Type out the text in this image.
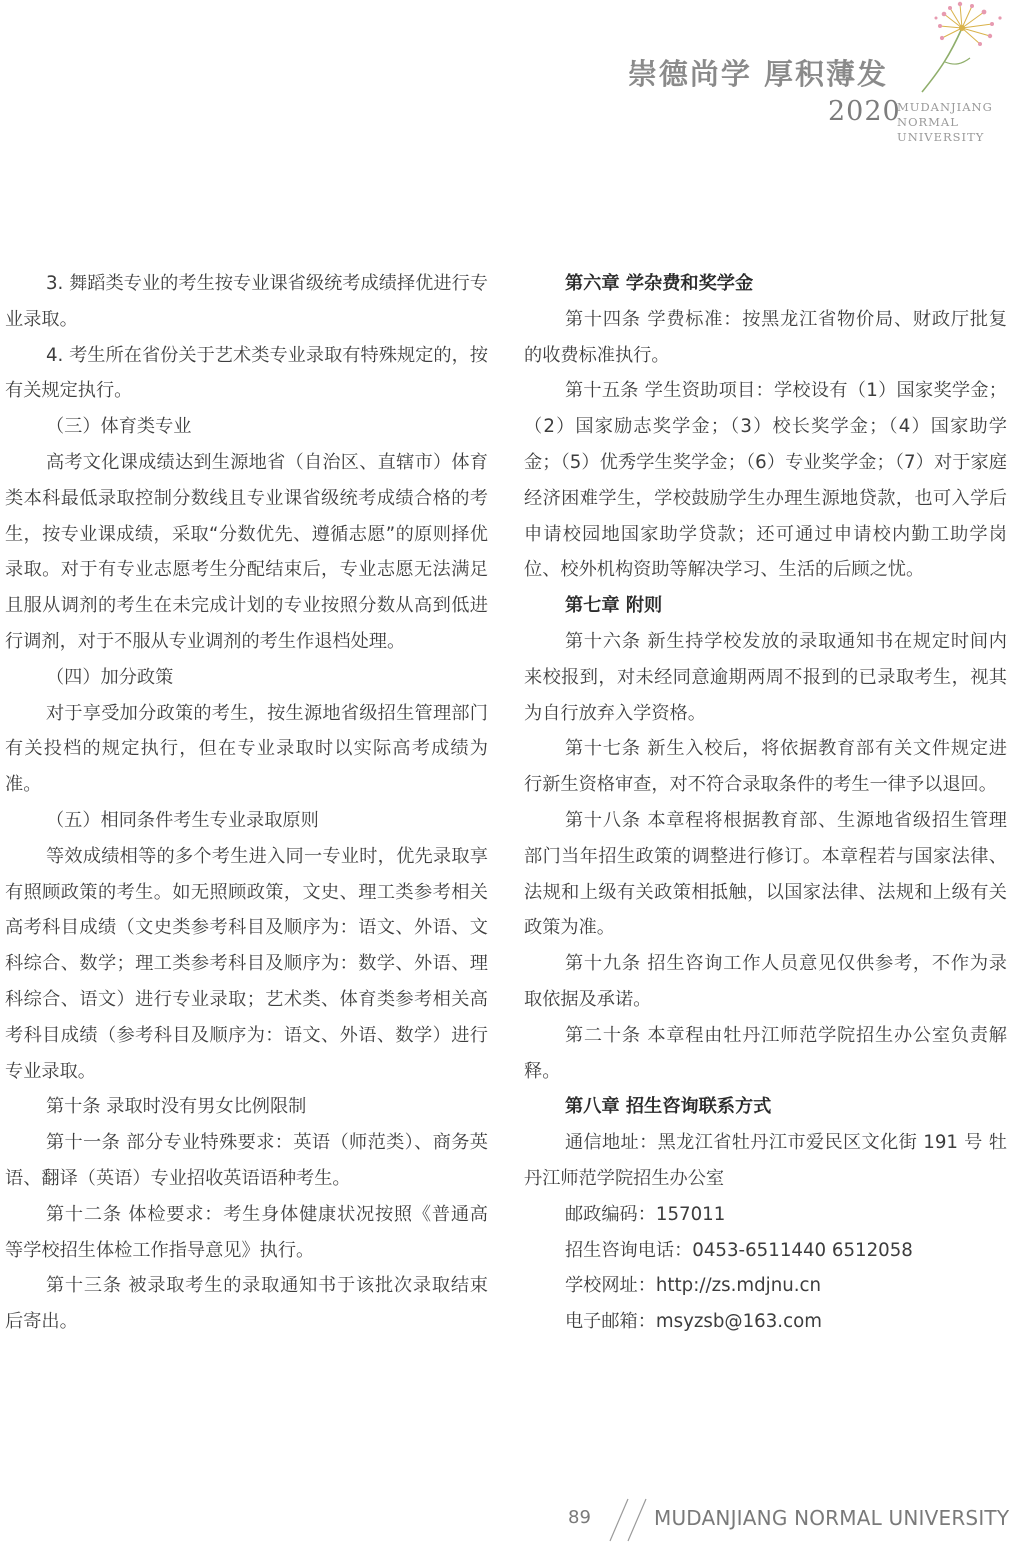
崇德尚学 厚积薄发
2020
MUDANJIANG
NORMAL
UNIVERSITY

3. 舞蹈类专业的考生按专业课省级统考成绩择优进行专业录取。

4. 考生所在省份关于艺术类专业录取有特殊规定的，按有关规定执行。

（三）体育类专业

高考文化课成绩达到生源地省（自治区、直辖市）体育类本科最低录取控制分数线且专业课省级统考成绩合格的考生，按专业课成绩，采取“分数优先、遵循志愿”的原则择优录取。对于有专业志愿考生分配结束后，专业志愿无法满足且服从调剂的考生在未完成计划的专业按照分数从高到低进行调剂，对于不服从专业调剂的考生作退档处理。

（四）加分政策

对于享受加分政策的考生，按生源地省级招生管理部门有关投档的规定执行，但在专业录取时以实际高考成绩为准。

（五）相同条件考生专业录取原则

等效成绩相等的多个考生进入同一专业时，优先录取享有照顾政策的考生。如无照顾政策，文史、理工类参考相关高考科目成绩（文史类参考科目及顺序为：语文、外语、文科综合、数学；理工类参考科目及顺序为：数学、外语、理科综合、语文）进行专业录取；艺术类、体育类参考相关高考科目成绩（参考科目及顺序为：语文、外语、数学）进行专业录取。

第十条 录取时没有男女比例限制

第十一条 部分专业特殊要求：英语（师范类）、商务英语、翻译（英语）专业招收英语语种考生。

第十二条 体检要求：考生身体健康状况按照《普通高等学校招生体检工作指导意见》执行。

第十三条 被录取考生的录取通知书于该批次录取结束后寄出。

第六章 学杂费和奖学金

第十四条 学费标准：按黑龙江省物价局、财政厅批复的收费标准执行。

第十五条 学生资助项目：学校设有（1）国家奖学金；（2）国家励志奖学金；（3）校长奖学金；（4）国家助学金；（5）优秀学生奖学金；（6）专业奖学金；（7）对于家庭经济困难学生，学校鼓励学生办理生源地贷款，也可入学后申请校园地国家助学贷款；还可通过申请校内勤工助学岗位、校外机构资助等解决学习、生活的后顾之忧。

第七章 附则

第十六条 新生持学校发放的录取通知书在规定时间内来校报到，对未经同意逾期两周不报到的已录取考生，视其为自行放弃入学资格。

第十七条 新生入校后，将依据教育部有关文件规定进行新生资格审查，对不符合录取条件的考生一律予以退回。

第十八条 本章程将根据教育部、生源地省级招生管理部门当年招生政策的调整进行修订。本章程若与国家法律、法规和上级有关政策相抵触，以国家法律、法规和上级有关政策为准。

第十九条 招生咨询工作人员意见仅供参考，不作为录取依据及承诺。

第二十条 本章程由牡丹江师范学院招生办公室负责解释。

第八章 招生咨询联系方式

通信地址：黑龙江省牡丹江市爱民区文化街 191 号 牡丹江师范学院招生办公室

邮政编码：157011

招生咨询电话：0453-6511440 6512058

学校网址：http://zs.mdjnu.cn

电子邮箱：msyzsb@163.com

89	MUDANJIANG NORMAL UNIVERSITY
